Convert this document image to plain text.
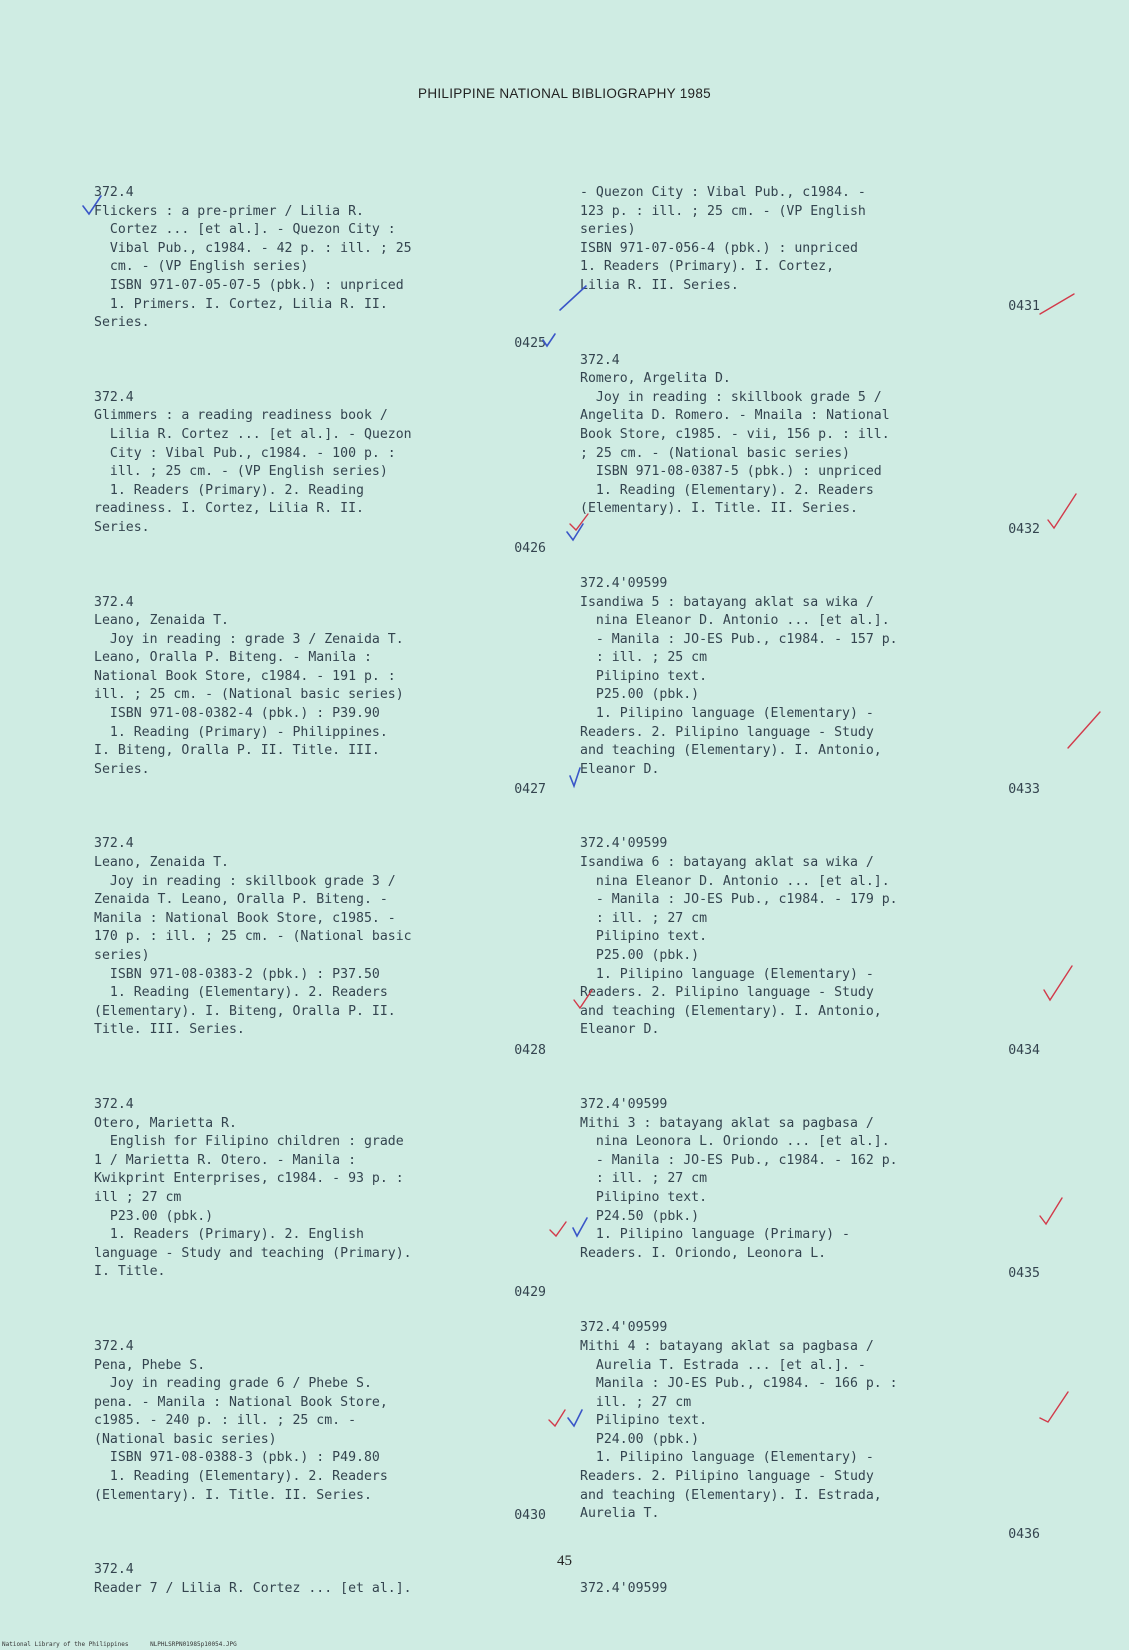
PHILIPPINE NATIONAL BIBLIOGRAPHY 1985
372.4
Flickers : a pre-primer / Lilia R.
Cortez ... [et al.]. - Quezon City :
Vibal Pub., c1984. - 42 p. : ill. ; 25
cm. - (VP English series)
ISBN 971-07-05-07-5 (pbk.) : unpriced
1. Primers. I. Cortez, Lilia R. II.
Series.
0425
372.4
Glimmers : a reading readiness book /
Lilia R. Cortez ... [et al.]. - Quezon
City : Vibal Pub., c1984. - 100 p. :
ill. ; 25 cm. - (VP English series)
1. Readers (Primary). 2. Reading
readiness. I. Cortez, Lilia R. II.
Series.
0426
372.4
Leano, Zenaida T.
Joy in reading : grade 3 / Zenaida T.
Leano, Oralla P. Biteng. - Manila :
National Book Store, c1984. - 191 p. :
ill. ; 25 cm. - (National basic series)
ISBN 971-08-0382-4 (pbk.) : P39.90
1. Reading (Primary) - Philippines.
I. Biteng, Oralla P. II. Title. III.
Series.
0427
372.4
Leano, Zenaida T.
Joy in reading : skillbook grade 3 /
Zenaida T. Leano, Oralla P. Biteng. -
Manila : National Book Store, c1985. -
170 p. : ill. ; 25 cm. - (National basic
series)
ISBN 971-08-0383-2 (pbk.) : P37.50
1. Reading (Elementary). 2. Readers
(Elementary). I. Biteng, Oralla P. II.
Title. III. Series.
0428
372.4
Otero, Marietta R.
English for Filipino children : grade
1 / Marietta R. Otero. - Manila :
Kwikprint Enterprises, c1984. - 93 p. :
ill ; 27 cm
P23.00 (pbk.)
1. Readers (Primary). 2. English
language - Study and teaching (Primary).
I. Title.
0429
372.4
Pena, Phebe S.
Joy in reading grade 6 / Phebe S.
pena. - Manila : National Book Store,
c1985. - 240 p. : ill. ; 25 cm. -
(National basic series)
ISBN 971-08-0388-3 (pbk.) : P49.80
1. Reading (Elementary). 2. Readers
(Elementary). I. Title. II. Series.
0430
372.4
Reader 7 / Lilia R. Cortez ... [et al.].
- Quezon City : Vibal Pub., c1984. -
123 p. : ill. ; 25 cm. - (VP English
series)
ISBN 971-07-056-4 (pbk.) : unpriced
1. Readers (Primary). I. Cortez,
Lilia R. II. Series.
0431
372.4
Romero, Argelita D.
Joy in reading : skillbook grade 5 /
Angelita D. Romero. - Mnaila : National
Book Store, c1985. - vii, 156 p. : ill.
; 25 cm. - (National basic series)
ISBN 971-08-0387-5 (pbk.) : unpriced
1. Reading (Elementary). 2. Readers
(Elementary). I. Title. II. Series.
0432
372.4'09599
Isandiwa 5 : batayang aklat sa wika /
nina Eleanor D. Antonio ... [et al.].
- Manila : JO-ES Pub., c1984. - 157 p.
: ill. ; 25 cm
Pilipino text.
P25.00 (pbk.)
1. Pilipino language (Elementary) -
Readers. 2. Pilipino language - Study
and teaching (Elementary). I. Antonio,
Eleanor D.
0433
372.4'09599
Isandiwa 6 : batayang aklat sa wika /
nina Eleanor D. Antonio ... [et al.].
- Manila : JO-ES Pub., c1984. - 179 p.
: ill. ; 27 cm
Pilipino text.
P25.00 (pbk.)
1. Pilipino language (Elementary) -
Readers. 2. Pilipino language - Study
and teaching (Elementary). I. Antonio,
Eleanor D.
0434
372.4'09599
Mithi 3 : batayang aklat sa pagbasa /
nina Leonora L. Oriondo ... [et al.].
- Manila : JO-ES Pub., c1984. - 162 p.
: ill. ; 27 cm
Pilipino text.
P24.50 (pbk.)
1. Pilipino language (Primary) -
Readers. I. Oriondo, Leonora L.
0435
372.4'09599
Mithi 4 : batayang aklat sa pagbasa /
Aurelia T. Estrada ... [et al.]. -
Manila : JO-ES Pub., c1984. - 166 p. :
ill. ; 27 cm
Pilipino text.
P24.00 (pbk.)
1. Pilipino language (Elementary) -
Readers. 2. Pilipino language - Study
and teaching (Elementary). I. Estrada,
Aurelia T.
0436
372.4'09599
45
National Library of the Philippines	NLPHLSRPN01985p10054.JPG
